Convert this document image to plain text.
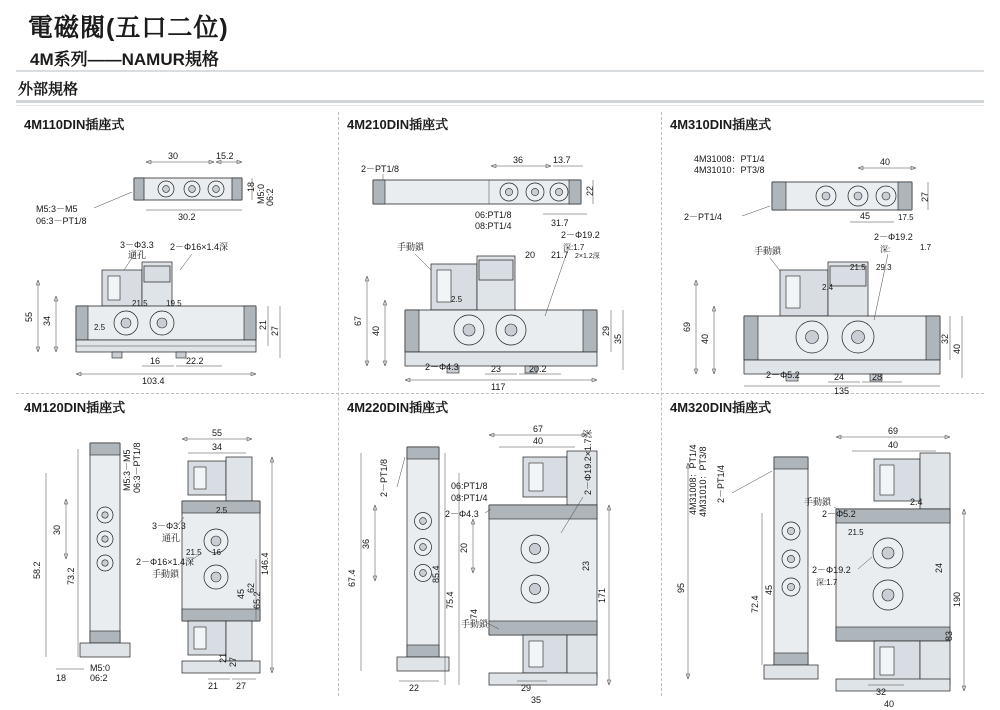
電磁閥(五口二位)
4M系列——NAMUR規格
外部規格
4M110DIN插座式
30	15.2
18
30.2
M5:0 06:2
M5:3－M5
06:3－PT1/8
55 34
3－Φ3.3
通孔
2－Φ16×1.4深
2.5
21.5 19.5
21
27
16	22.2
103.4
4M210DIN插座式
2－PT1/8
36	13.7
22
06:PT1/8
08:PT1/4	31.7
手動鎖
67
40
2.5
20 21.7 2×1.2深
2－Φ19.2
深:1.7
29
35
2－Φ4.3	23	20.2
117
4M310DIN插座式
4M31008：PT1/4
4M31010：PT3/8
40
27
2－PT1/4	45	17.5
手動鎖
69
40
2－Φ19.2
1.7
深:
21.5 29.3
2.4
32
40
2－Φ5.2	24	28
135
4M120DIN插座式
M5:3－M5 06:3－PT1/8
30
58.2	73.2
M5:0
06:2
18
55
34
3－Φ3.3
通孔
2.5
21.5 16
2－Φ16×1.4深
手動鎖	146.4
62
45 65.2
21 27
21 27
4M220DIN插座式
2－PT1/8
36
67.4
22
67
40
06:PT1/8
08:PT1/4
2－Φ4.3
2－Φ19.2×1.7深
20
75.4
74
85.4
171
23
手動鎖
29
35
4M320DIN插座式
4M31008：PT1/4 4M31010：PT3/8 2－PT1/4
95
72.4
45
69
40
手動鎖
2－Φ5.2
2.4
21.5
2－Φ19.2
深:1.7
190
24
83
32
40
